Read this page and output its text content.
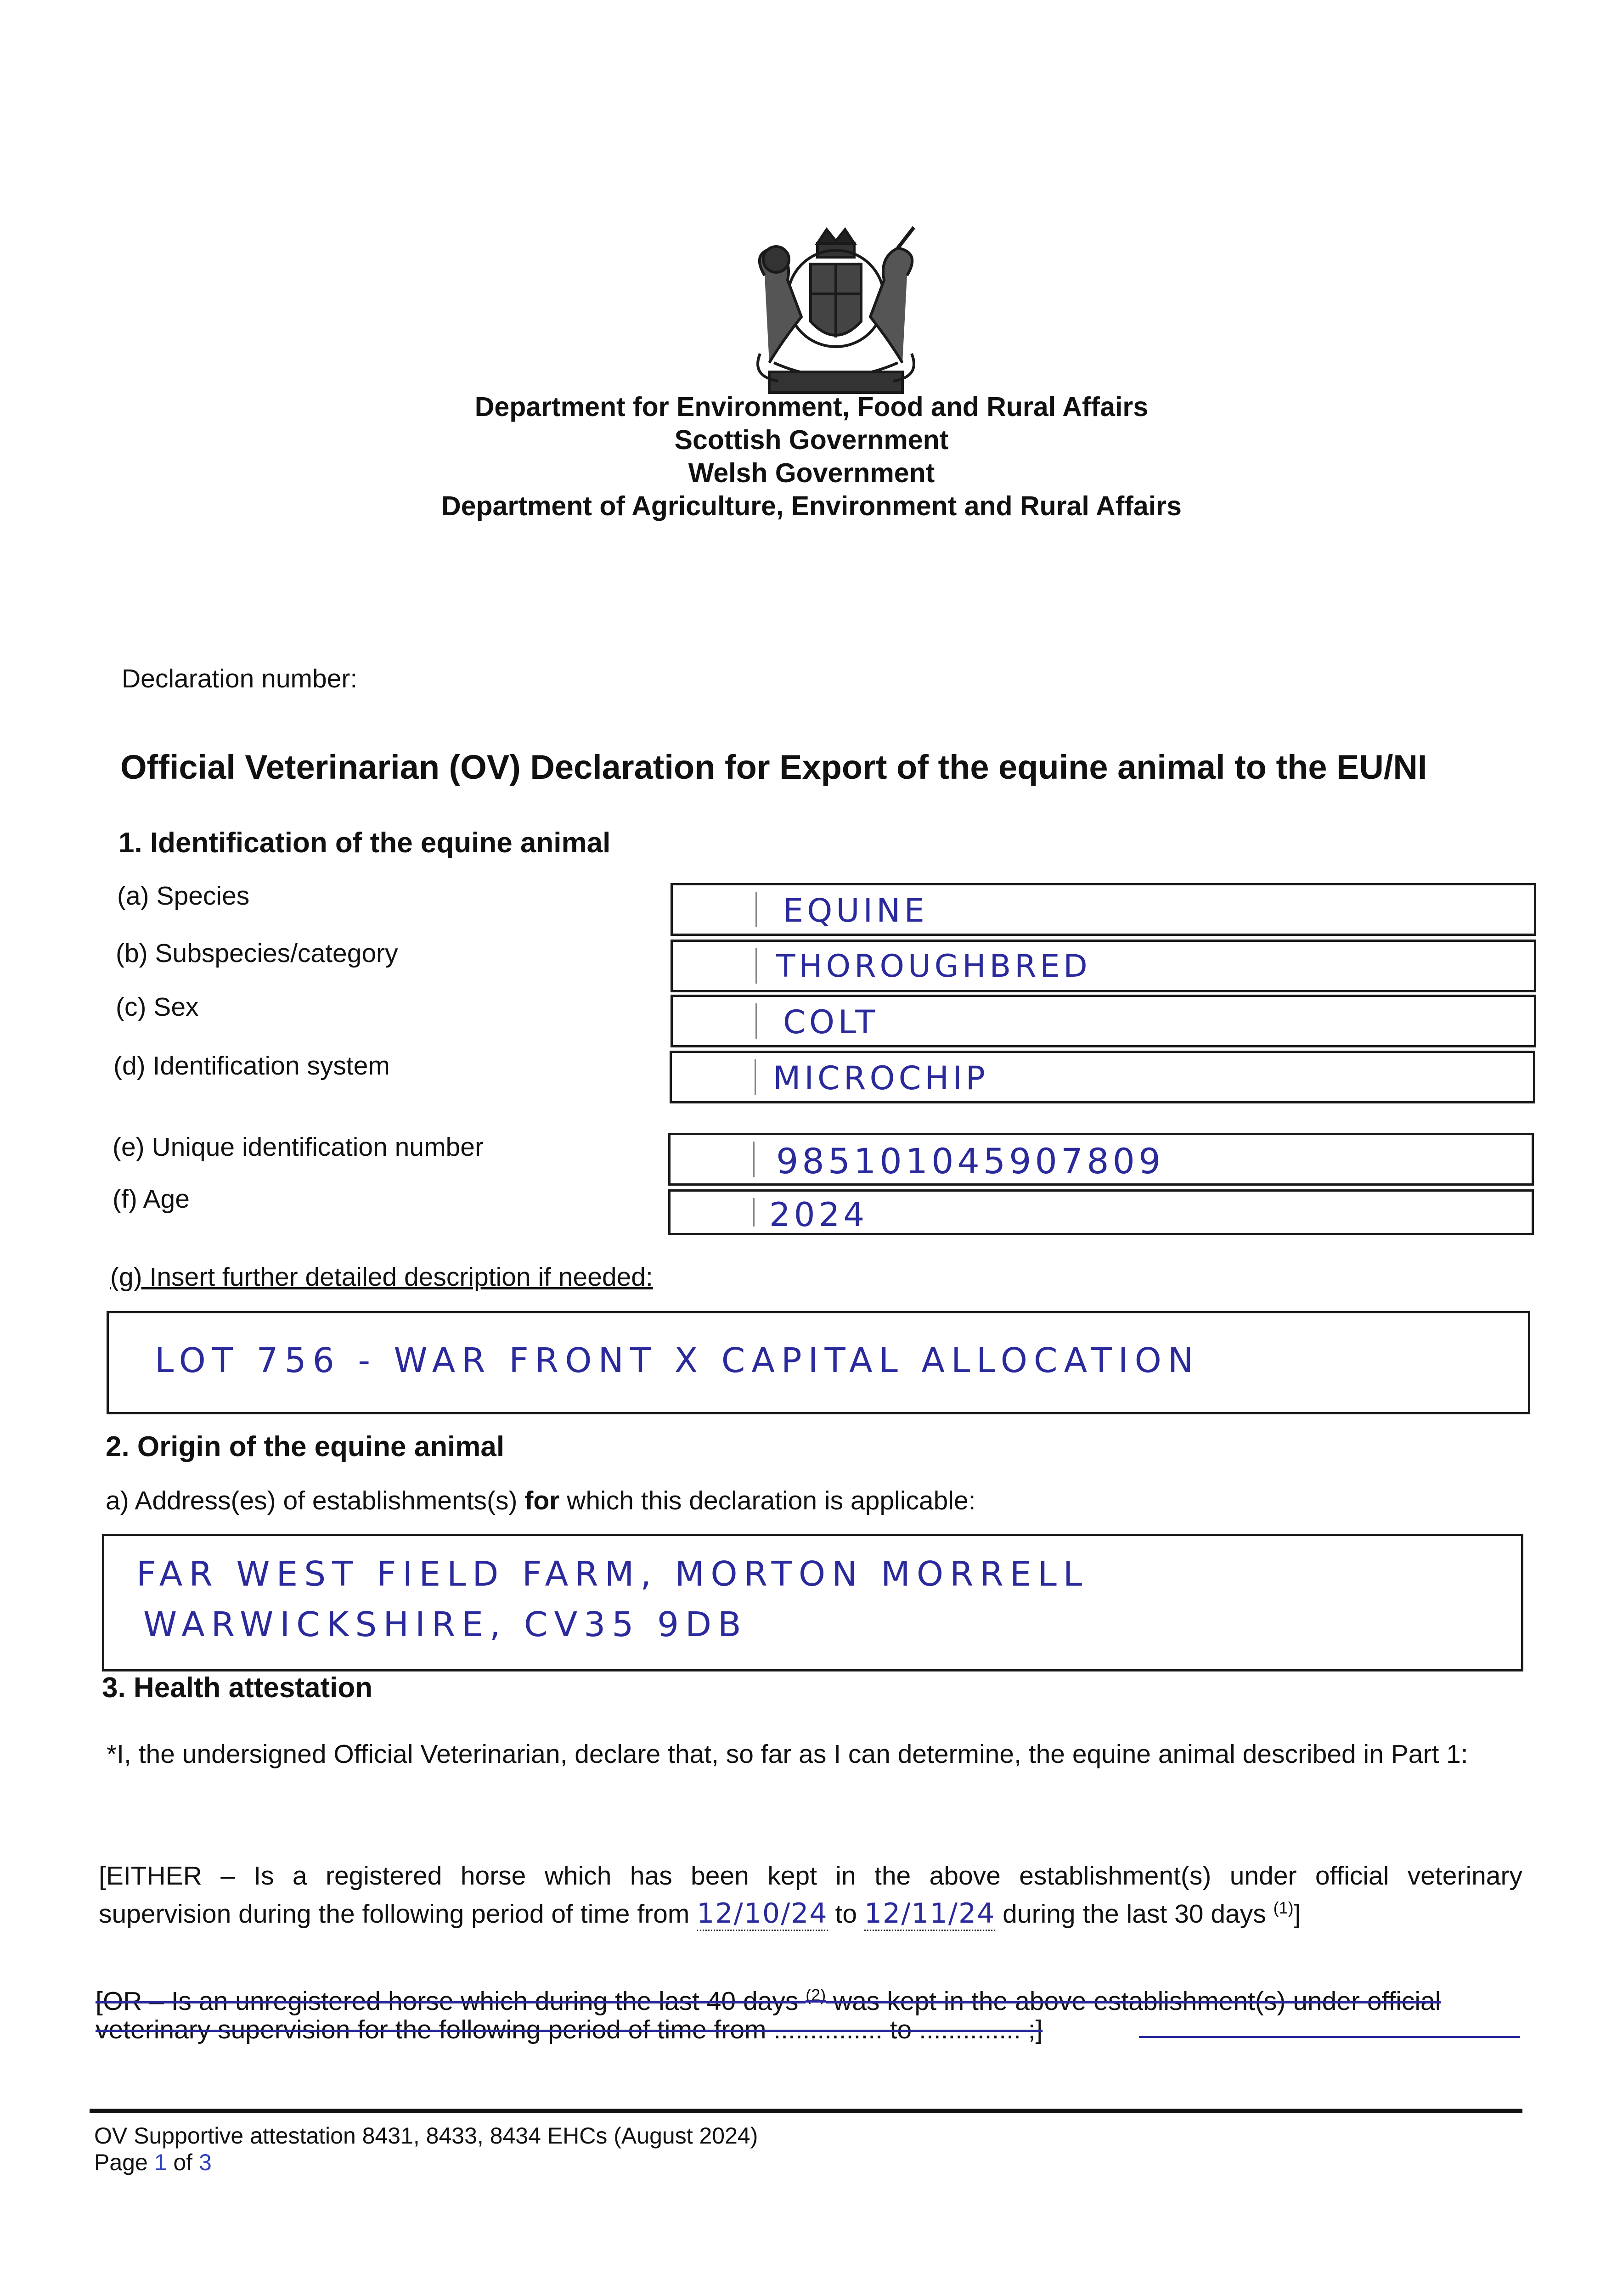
Department for Environment, Food and Rural Affairs
Scottish Government
Welsh Government
Department of Agriculture, Environment and Rural Affairs
Declaration number:
Official Veterinarian (OV) Declaration for Export of the equine animal to the EU/NI
1. Identification of the equine animal
(a) Species	EQUINE
(b) Subspecies/category	THOROUGHBRED
(c) Sex	COLT
(d) Identification system	MICROCHIP
(e) Unique identification number	985101045907809
(f) Age	2024
(g) Insert further detailed description if needed:
LOT 756 - WAR FRONT X CAPITAL ALLOCATION
2. Origin of the equine animal
a) Address(es) of establishments(s) for which this declaration is applicable:
FAR WEST FIELD FARM, MORTON MORRELL
WARWICKSHIRE, CV35 9DB
3. Health attestation
*I, the undersigned Official Veterinarian, declare that, so far as I can determine, the equine animal described in Part 1:
[EITHER – Is a registered horse which has been kept in the above establishment(s) under official veterinary
supervision during the following period of time from 12/10/24 to 12/11/24 during the last 30 days $^{(1)}$]
[OR – Is an unregistered horse which during the last 40 days $^{(2)}$ was kept in the above establishment(s) under official
veterinary supervision for the following period of time from ............... to .............. ;]
OV Supportive attestation 8431, 8433, 8434 EHCs (August 2024)
Page 1 of 3
